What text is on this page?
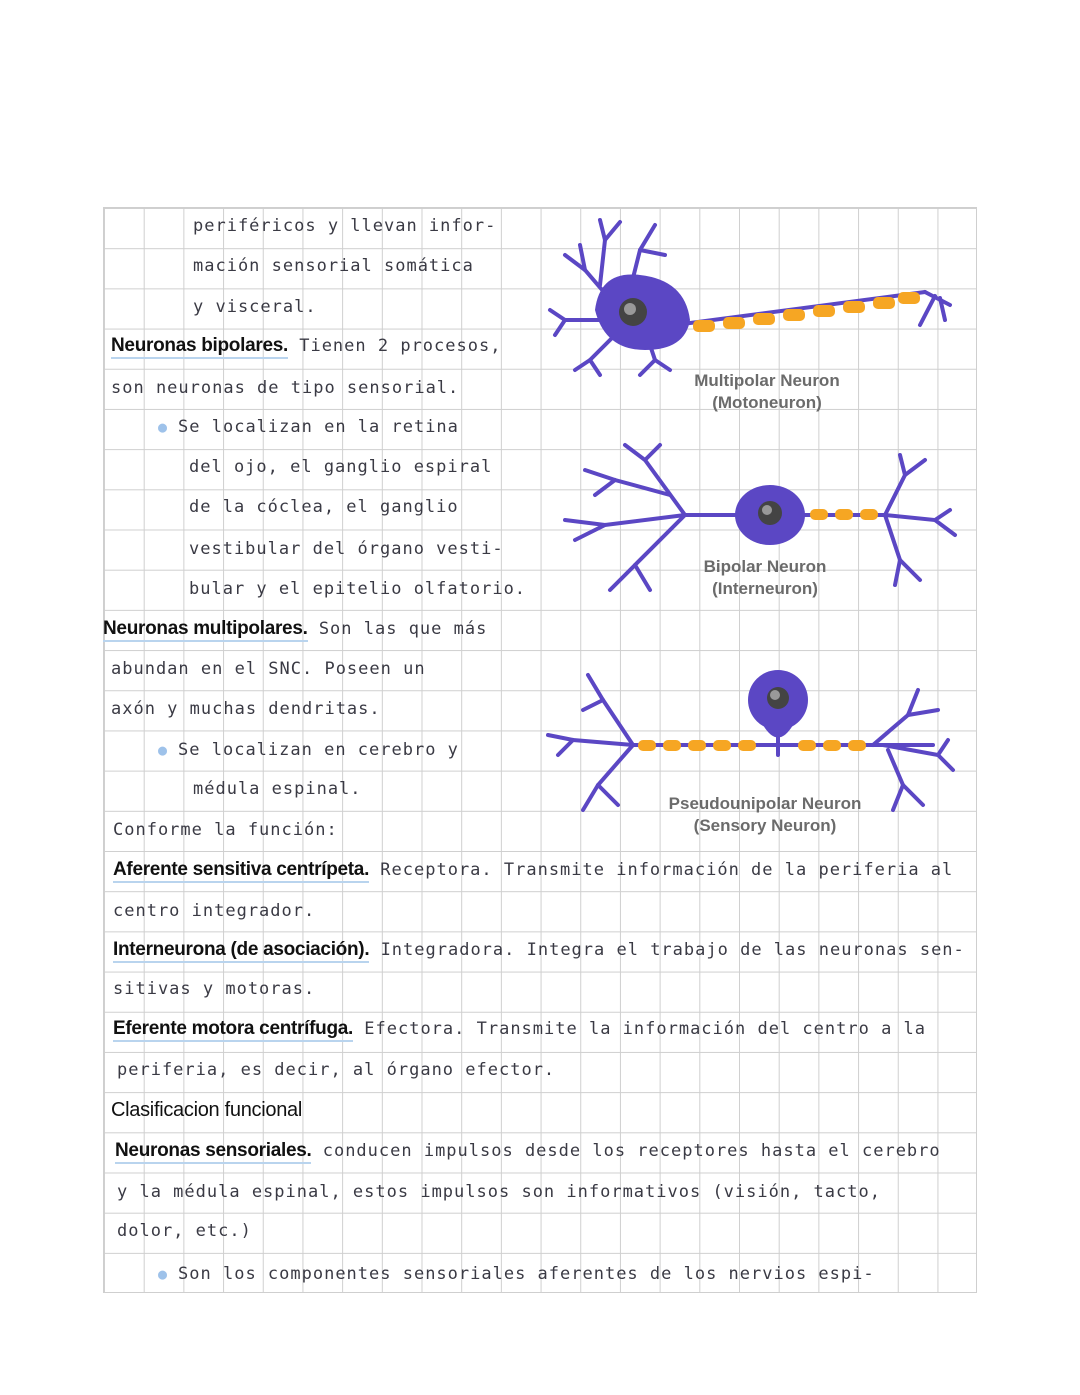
periféricos y llevan infor-
mación sensorial somática
y visceral.
Neuronas bipolares. Tienen 2 procesos,
son neuronas de tipo sensorial.
● Se localizan en la retina
del ojo, el ganglio espiral
de la cóclea, el ganglio
vestibular del órgano vesti-
bular y el epitelio olfatorio.
Neuronas multipolares. Son las que más
abundan en el SNC. Poseen un
axón y muchas dendritas.
● Se localizan en cerebro y
médula espinal.
Conforme la función:
Aferente sensitiva centrípeta. Receptora. Transmite información de la periferia al
centro integrador.
Interneurona (de asociación). Integradora. Integra el trabajo de las neuronas sen-
sitivas y motoras.
Eferente motora centrífuga. Efectora. Transmite la información del centro a la
periferia, es decir, al órgano efector.
Clasificacion funcional
Neuronas sensoriales. conducen impulsos desde los receptores hasta el cerebro
y la médula espinal, estos impulsos son informativos (visión, tacto,
dolor, etc.)
● Son los componentes sensoriales aferentes de los nervios espi-
Multipolar Neuron
(Motoneuron)
Bipolar Neuron
(Interneuron)
Pseudounipolar Neuron
(Sensory Neuron)
